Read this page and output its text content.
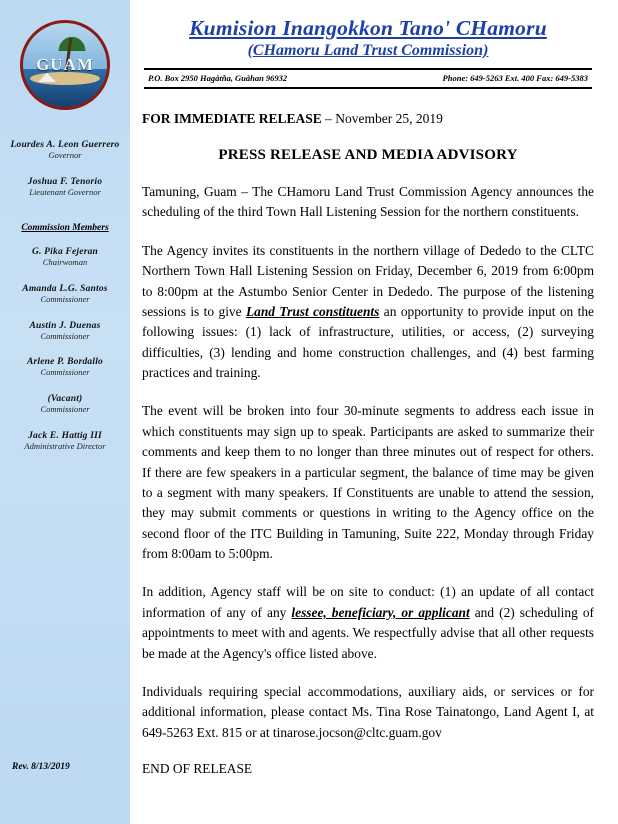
GUAM
Lourdes A. Leon Guerrero
Governor
Joshua F. Tenorio
Lieutenant Governor
Commission Members
G. Pika Fejeran
Chairwoman
Amanda L.G. Santos
Commissioner
Austin J. Duenas
Commissioner
Arlene P. Bordallo
Commissioner
(Vacant)
Commissioner
Jack E. Hattig III
Administrative Director
Rev. 8/13/2019
Kumision Inangokkon Tano' CHamoru
(CHamoru Land Trust Commission)
P.O. Box 2950 Hagåtña, Guåhan 96932	Phone: 649-5263 Ext. 400 Fax: 649-5383
FOR IMMEDIATE RELEASE – November 25, 2019
PRESS RELEASE AND MEDIA ADVISORY

Tamuning, Guam – The CHamoru Land Trust Commission Agency announces the scheduling of the third Town Hall Listening Session for the northern constituents.

The Agency invites its constituents in the northern village of Dededo to the CLTC Northern Town Hall Listening Session on Friday, December 6, 2019 from 6:00pm to 8:00pm at the Astumbo Senior Center in Dededo. The purpose of the listening sessions is to give Land Trust constituents an opportunity to provide input on the following issues: (1) lack of infrastructure, utilities, or access, (2) surveying difficulties, (3) lending and home construction challenges, and (4) best farming practices and training.

The event will be broken into four 30-minute segments to address each issue in which constituents may sign up to speak. Participants are asked to summarize their comments and keep them to no longer than three minutes out of respect for others. If there are few speakers in a particular segment, the balance of time may be given to a segment with many speakers. If Constituents are unable to attend the session, they may submit comments or questions in writing to the Agency office on the second floor of the ITC Building in Tamuning, Suite 222, Monday through Friday from 8:00am to 5:00pm.

In addition, Agency staff will be on site to conduct: (1) an update of all contact information of any of any lessee, beneficiary, or applicant and (2) scheduling of appointments to meet with and agents. We respectfully advise that all other requests be made at the Agency's office listed above.

Individuals requiring special accommodations, auxiliary aids, or services or for additional information, please contact Ms. Tina Rose Tainatongo, Land Agent I, at 649-5263 Ext. 815 or at tinarose.jocson@cltc.guam.gov

END OF RELEASE
